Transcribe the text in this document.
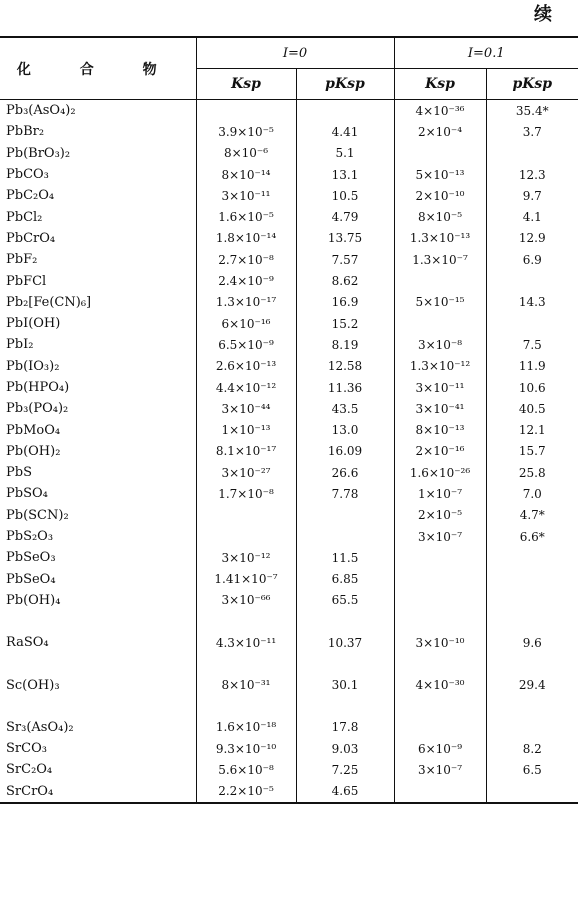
续
化 合 物	I=0		I=0.1	
	Ksp	pKsp	Ksp	pKsp
Pb₃(AsO₄)₂			4×10⁻³⁶	35.4*
PbBr₂	3.9×10⁻⁵	4.41	2×10⁻⁴	3.7
Pb(BrO₃)₂	8×10⁻⁶	5.1		
PbCO₃	8×10⁻¹⁴	13.1	5×10⁻¹³	12.3
PbC₂O₄	3×10⁻¹¹	10.5	2×10⁻¹⁰	9.7
PbCl₂	1.6×10⁻⁵	4.79	8×10⁻⁵	4.1
PbCrO₄	1.8×10⁻¹⁴	13.75	1.3×10⁻¹³	12.9
PbF₂	2.7×10⁻⁸	7.57	1.3×10⁻⁷	6.9
PbFCl	2.4×10⁻⁹	8.62		
Pb₂[Fe(CN)₆]	1.3×10⁻¹⁷	16.9	5×10⁻¹⁵	14.3
PbI(OH)	6×10⁻¹⁶	15.2		
PbI₂	6.5×10⁻⁹	8.19	3×10⁻⁸	7.5
Pb(IO₃)₂	2.6×10⁻¹³	12.58	1.3×10⁻¹²	11.9
Pb(HPO₄)	4.4×10⁻¹²	11.36	3×10⁻¹¹	10.6
Pb₃(PO₄)₂	3×10⁻⁴⁴	43.5	3×10⁻⁴¹	40.5
PbMoO₄	1×10⁻¹³	13.0	8×10⁻¹³	12.1
Pb(OH)₂	8.1×10⁻¹⁷	16.09	2×10⁻¹⁶	15.7
PbS	3×10⁻²⁷	26.6	1.6×10⁻²⁶	25.8
PbSO₄	1.7×10⁻⁸	7.78	1×10⁻⁷	7.0
Pb(SCN)₂			2×10⁻⁵	4.7*
PbS₂O₃			3×10⁻⁷	6.6*
PbSeO₃	3×10⁻¹²	11.5		
PbSeO₄	1.41×10⁻⁷	6.85		
Pb(OH)₄	3×10⁻⁶⁶	65.5		

RaSO₄	4.3×10⁻¹¹	10.37	3×10⁻¹⁰	9.6

Sc(OH)₃	8×10⁻³¹	30.1	4×10⁻³⁰	29.4

Sr₃(AsO₄)₂	1.6×10⁻¹⁸	17.8		
SrCO₃	9.3×10⁻¹⁰	9.03	6×10⁻⁹	8.2
SrC₂O₄	5.6×10⁻⁸	7.25	3×10⁻⁷	6.5
SrCrO₄	2.2×10⁻⁵	4.65		
